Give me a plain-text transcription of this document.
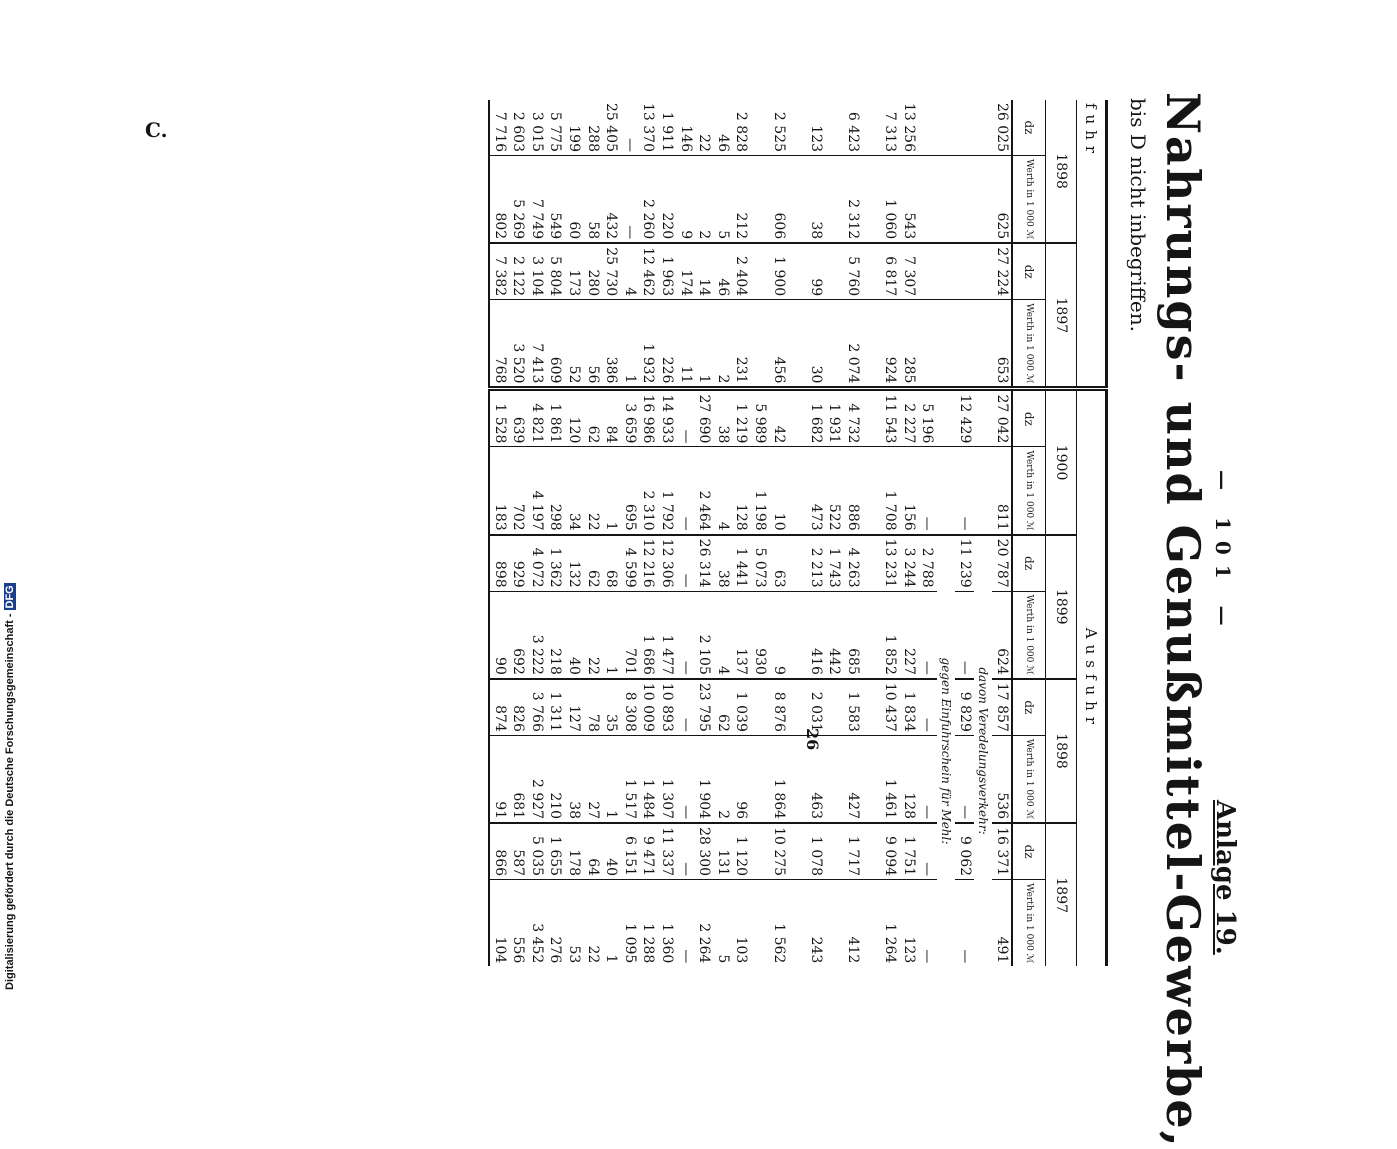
— 101 —
Anlage 19.
Nahrungs- und Genußmittel-Gewerbe,
bis D nicht inbegriffen.
C.
26
Digitalisierung gefördert durch die Deutsche Forschungsgemeinschaft -DFG
fuhr				Ausfuhr							
1898		1897		1900		1899		1898		1897	
dz	Werth in 1 000 ℳ	dz	Werth in 1 000 ℳ	dz	Werth in 1 000 ℳ	dz	Werth in 1 000 ℳ	dz	Werth in 1 000 ℳ	dz	Werth in 1 000 ℳ
26 025	625	27 224	653	27 042	811	20 787	624	17 857	536	16 371	491
						davon Veredelungsverkehr:					
				12 429	—	11 239	—	9 829	—	9 062	—
						gegen Einfuhrschein für Mehl:					
				5 196	—	2 788	—	—	—	—	—
13 256	543	7 307	285	2 227	156	3 244	227	1 834	128	1 751	123
7 313	1 060	6 817	924	11 543	1 708	13 231	1 852	10 437	1 461	9 094	1 264

6 423	2 312	5 760	2 074	4 732	886	4 263	685	1 583	427	1 717	412
				1 931	522	1 743	442				
123	38	99	30	1 682	473	2 213	416	2 031	463	1 078	243

2 525	606	1 900	456	42	10	63	9	8 876	1 864	10 275	1 562
				5 989	1 198	5 073	930				
2 828	212	2 404	231	1 219	128	1 441	137	1 039	96	1 120	103
46	5	46	2	38	4	38	4	62	2	131	5
22	2	14	1	27 690	2 464	26 314	2 105	23 795	1 904	28 300	2 264
146	9	174	11	—	—	—	—	—	—	—	—
1 911	220	1 963	226	14 933	1 792	12 306	1 477	10 893	1 307	11 337	1 360
13 370	2 260	12 462	1 932	16 986	2 310	12 216	1 686	10 009	1 484	9 471	1 288
—	—	4	1	3 659	695	4 599	701	8 308	1 517	6 151	1 095
25 405	432	25 730	386	84	1	68	1	35	1	40	1
288	58	280	56	62	22	62	22	78	27	64	22
199	60	173	52	120	34	132	40	127	38	178	53
5 775	549	5 804	609	1 861	298	1 362	218	1 311	210	1 655	276
3 015	7 749	3 104	7 413	4 821	4 197	4 072	3 222	3 766	2 927	5 035	3 452
2 603	5 269	2 122	3 520	639	702	929	692	826	681	587	556
7 716	802	7 382	768	1 528	183	898	90	874	91	866	104
